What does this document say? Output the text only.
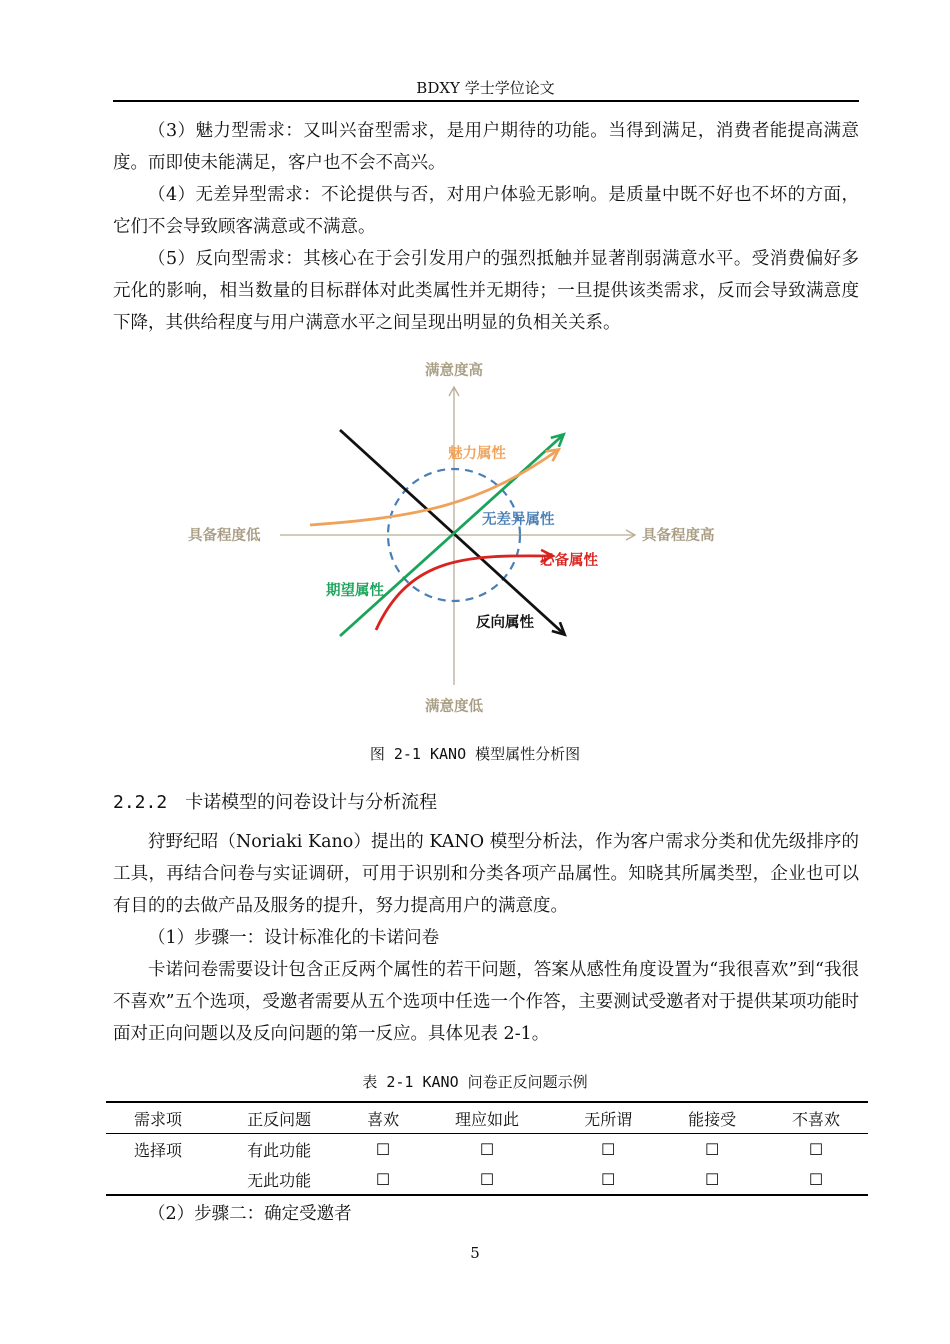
BDXY 学士学位论文

（3）魅力型需求：又叫兴奋型需求，是用户期待的功能。当得到满足，消费者能提高满意度。而即使未能满足，客户也不会不高兴。

（4）无差异型需求：不论提供与否，对用户体验无影响。是质量中既不好也不坏的方面，它们不会导致顾客满意或不满意。

（5）反向型需求：其核心在于会引发用户的强烈抵触并显著削弱满意水平。受消费偏好多元化的影响，相当数量的目标群体对此类属性并无期待；一旦提供该类需求，反而会导致满意度下降，其供给程度与用户满意水平之间呈现出明显的负相关关系。

满意度高
满意度低
具备程度低	具备程度高
魅力属性
无差异属性
必备属性
期望属性
反向属性
图 2-1 KANO 模型属性分析图
2.2.2 卡诺模型的问卷设计与分析流程

狩野纪昭（Noriaki Kano）提出的 KANO 模型分析法，作为客户需求分类和优先级排序的工具，再结合问卷与实证调研，可用于识别和分类各项产品属性。知晓其所属类型，企业也可以有目的的去做产品及服务的提升，努力提高用户的满意度。

（1）步骤一：设计标准化的卡诺问卷

卡诺问卷需要设计包含正反两个属性的若干问题，答案从感性角度设置为“我很喜欢”到“我很不喜欢”五个选项，受邀者需要从五个选项中任选一个作答，主要测试受邀者对于提供某项功能时面对正向问题以及反向问题的第一反应。具体见表 2-1。

表 2-1 KANO 问卷正反问题示例
需求项	正反问题	喜欢	理应如此	无所谓	能接受	不喜欢
选择项	有此功能	☐	☐	☐	☐	☐
	无此功能	☐	☐	☐	☐	☐

（2）步骤二：确定受邀者

5
